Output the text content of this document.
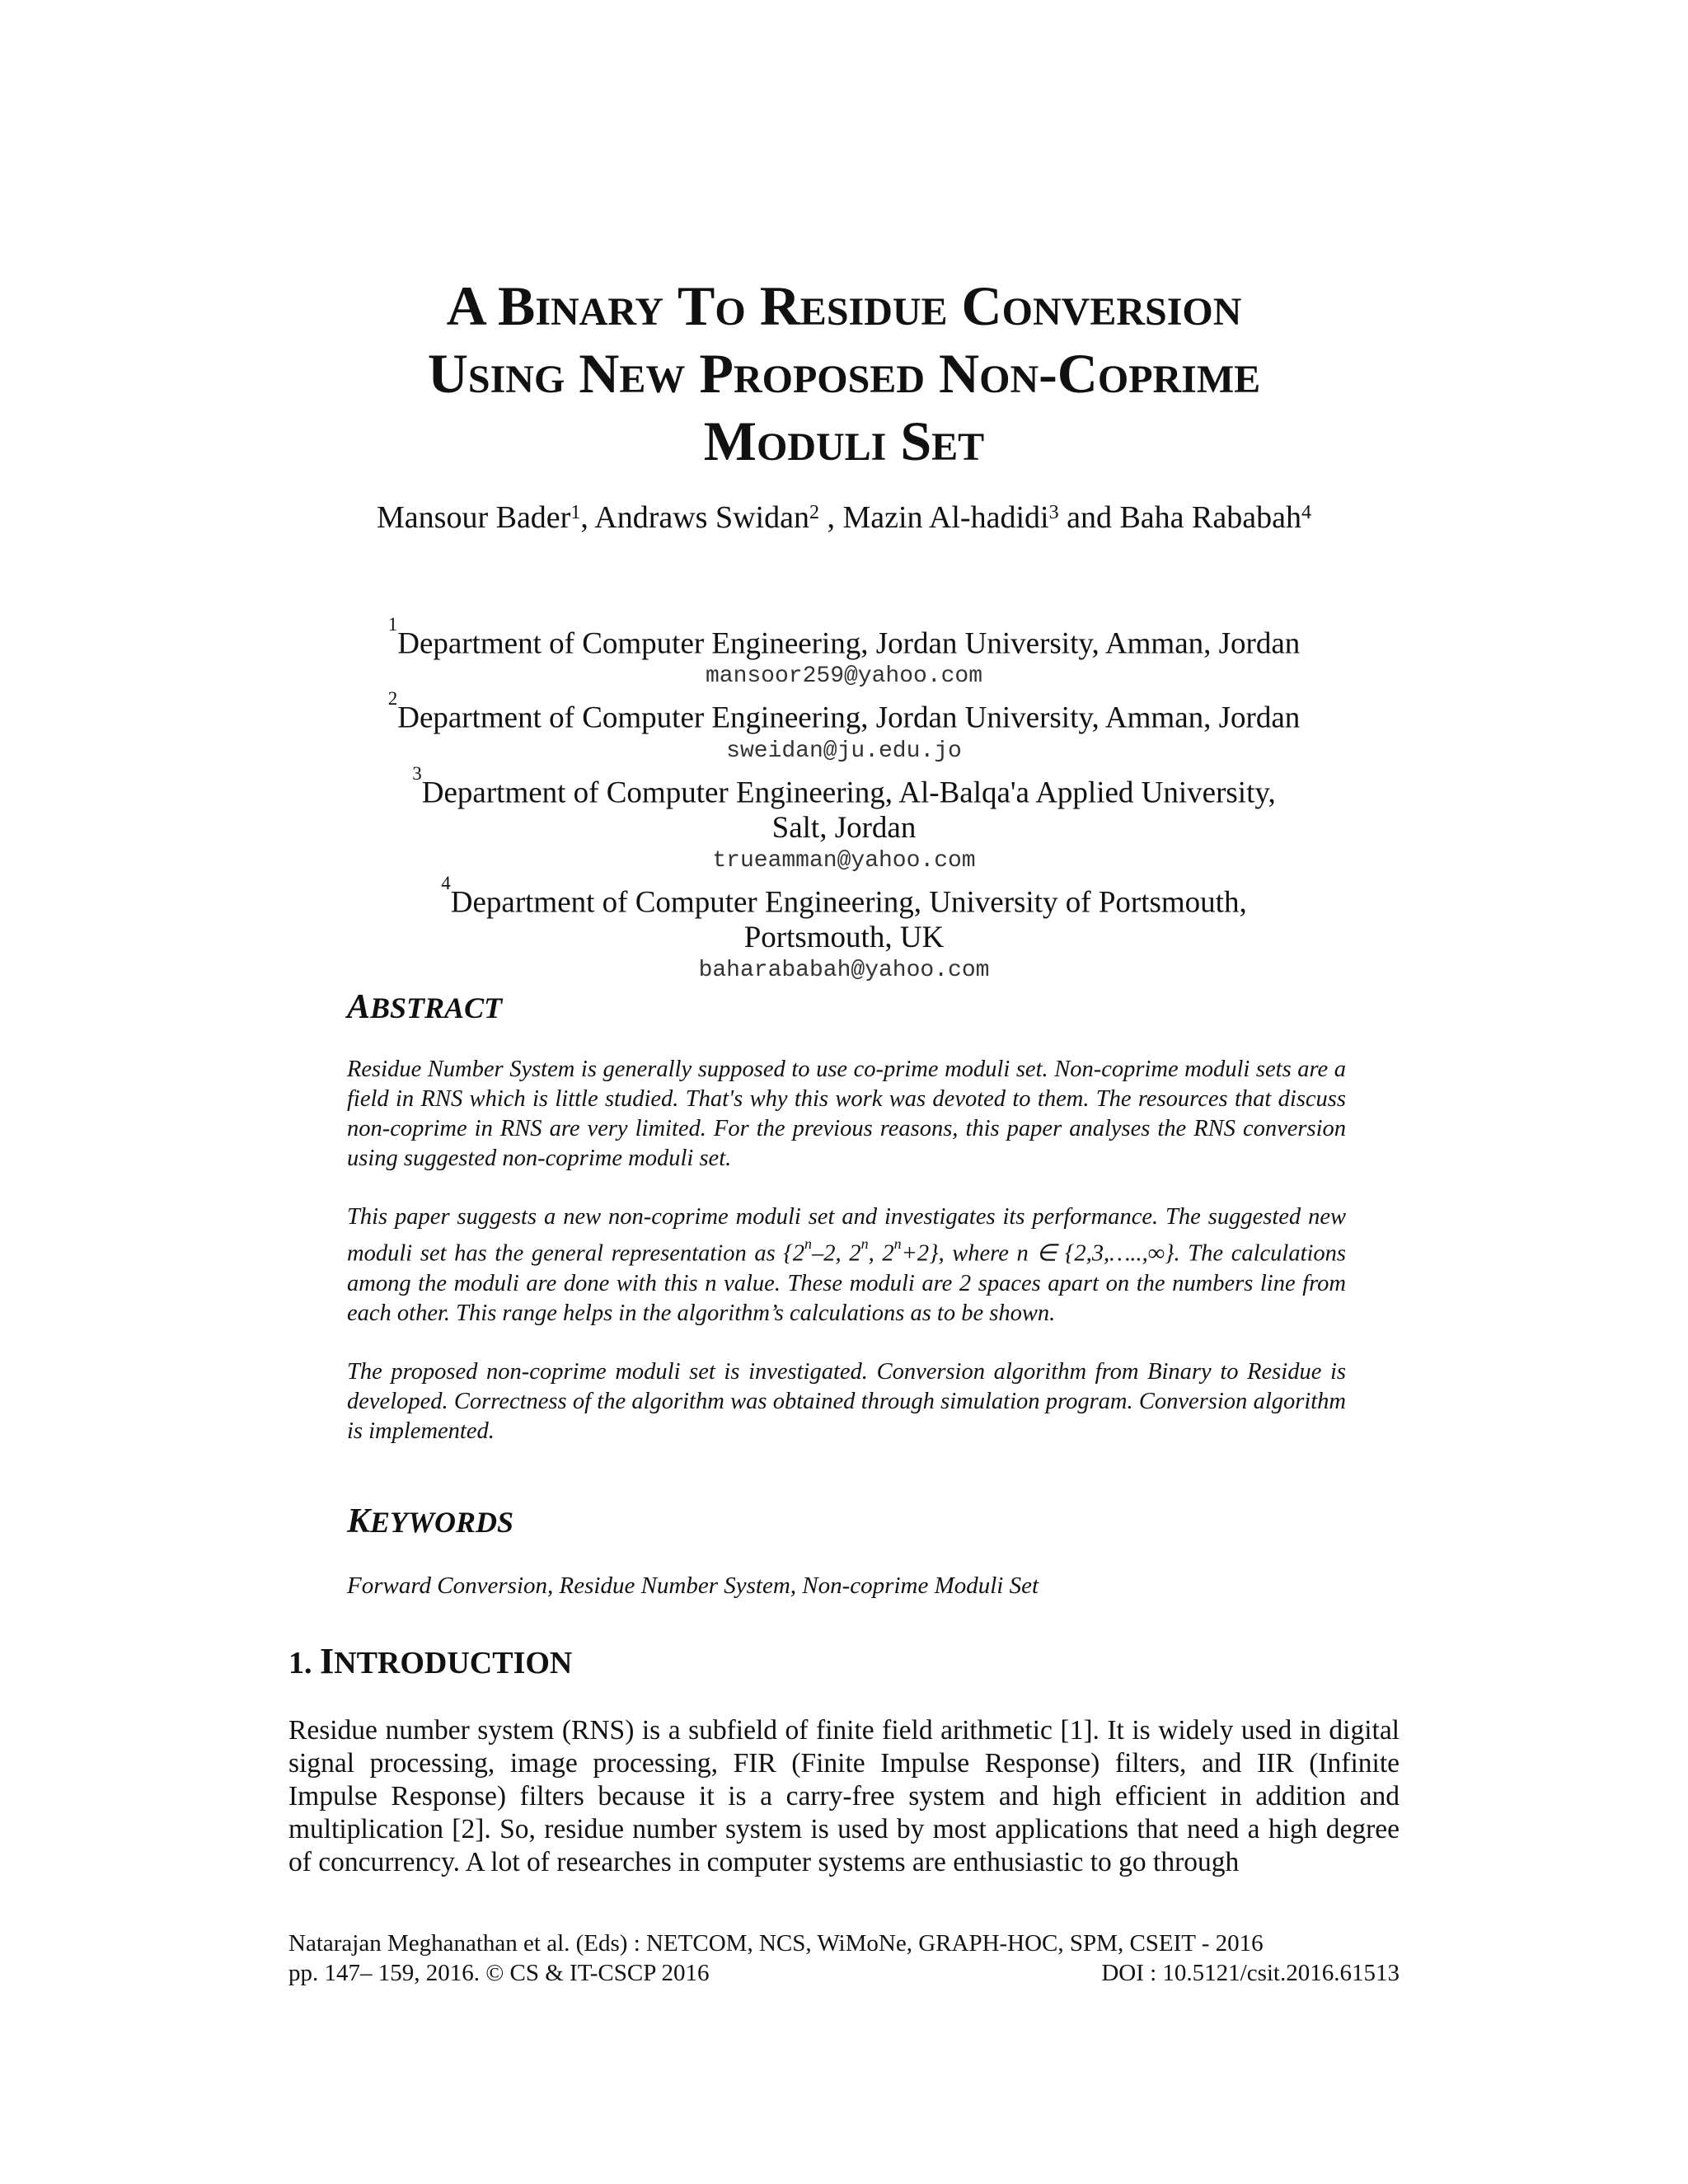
A Binary To Residue Conversion
Using New Proposed Non-Coprime
Moduli Set
Mansour Bader$^1$, Andraws Swidan$^2$ , Mazin Al-hadidi$^3$ and Baha Rababah$^4$
$^1$Department of Computer Engineering, Jordan University, Amman, Jordan
mansoor259@yahoo.com
$^2$Department of Computer Engineering, Jordan University, Amman, Jordan
sweidan@ju.edu.jo
$^3$Department of Computer Engineering, Al-Balqa'a Applied University,
Salt, Jordan
trueamman@yahoo.com
$^4$Department of Computer Engineering, University of Portsmouth,
Portsmouth, UK
baharababah@yahoo.com
ABSTRACT

Residue Number System is generally supposed to use co-prime moduli set. Non-coprime moduli sets are a field in RNS which is little studied. That's why this work was devoted to them. The resources that discuss non-coprime in RNS are very limited. For the previous reasons, this paper analyses the RNS conversion using suggested non-coprime moduli set.

This paper suggests a new non-coprime moduli set and investigates its performance. The suggested new moduli set has the general representation as {2$^n$–2, 2$^n$, $2^n+2$}, where n ∈ {2,3,…..,∞}. The calculations among the moduli are done with this n value. These moduli are 2 spaces apart on the numbers line from each other. This range helps in the algorithm’s calculations as to be shown.

The proposed non-coprime moduli set is investigated. Conversion algorithm from Binary to Residue is developed. Correctness of the algorithm was obtained through simulation program. Conversion algorithm is implemented.

KEYWORDS
Forward Conversion, Residue Number System, Non-coprime Moduli Set
1. INTRODUCTION

Residue number system (RNS) is a subfield of finite field arithmetic [1]. It is widely used in digital signal processing, image processing, FIR (Finite Impulse Response) filters, and IIR (Infinite Impulse Response) filters because it is a carry-free system and high efficient in addition and multiplication [2]. So, residue number system is used by most applications that need a high degree of concurrency. A lot of researches in computer systems are enthusiastic to go through

Natarajan Meghanathan et al. (Eds) : NETCOM, NCS, WiMoNe, GRAPH-HOC, SPM, CSEIT - 2016
pp. 147– 159, 2016. © CS & IT-CSCP 2016	DOI : 10.5121/csit.2016.61513
